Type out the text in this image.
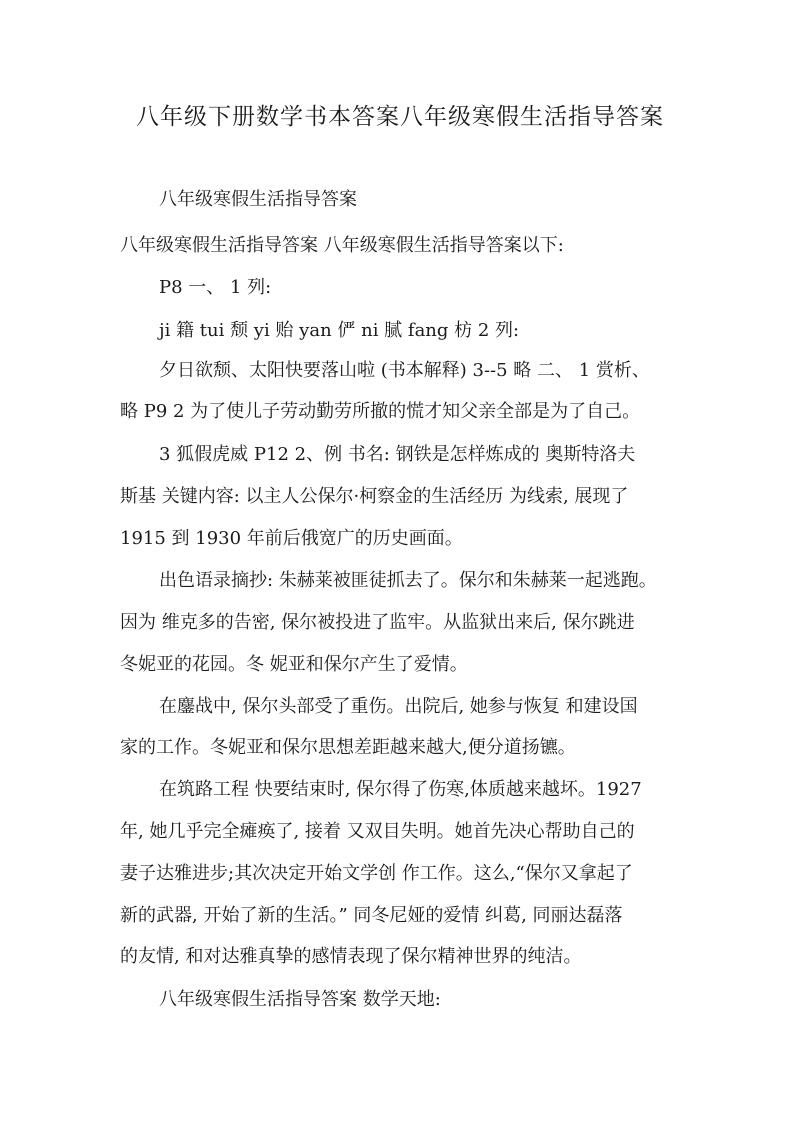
八年级下册数学书本答案八年级寒假生活指导答案
八年级寒假生活指导答案
八年级寒假生活指导答案 八年级寒假生活指导答案以下:
P8 一、 1 列:
ji 籍 tui 颓 yi 贻 yan 俨 ni 腻 fang 枋 2 列:
夕日欲颓、太阳快要落山啦 (书本解释) 3--5 略 二、 1 赏析、
略 P9 2 为了使儿子劳动勤劳所撤的慌才知父亲全部是为了自己。
3 狐假虎威 P12 2、例 书名: 钢铁是怎样炼成的 奥斯特洛夫
斯基 关键内容: 以主人公保尔·柯察金的生活经历 为线索, 展现了
1915 到 1930 年前后俄宽广的历史画面。
出色语录摘抄: 朱赫莱被匪徒抓去了。保尔和朱赫莱一起逃跑。
因为 维克多的告密, 保尔被投进了监牢。从监狱出来后, 保尔跳进
冬妮亚的花园。冬 妮亚和保尔产生了爱情。
在鏖战中, 保尔头部受了重伤。出院后, 她参与恢复 和建设国
家的工作。冬妮亚和保尔思想差距越来越大,便分道扬镳。
在筑路工程 快要结束时, 保尔得了伤寒,体质越来越坏。1927
年, 她几乎完全瘫痪了, 接着 又双目失明。她首先决心帮助自己的
妻子达雅进步;其次决定开始文学创 作工作。这么,“保尔又拿起了
新的武器, 开始了新的生活。” 同冬尼娅的爱情 纠葛, 同丽达磊落
的友情, 和对达雅真挚的感情表现了保尔精神世界的纯洁。
八年级寒假生活指导答案 数学天地:
